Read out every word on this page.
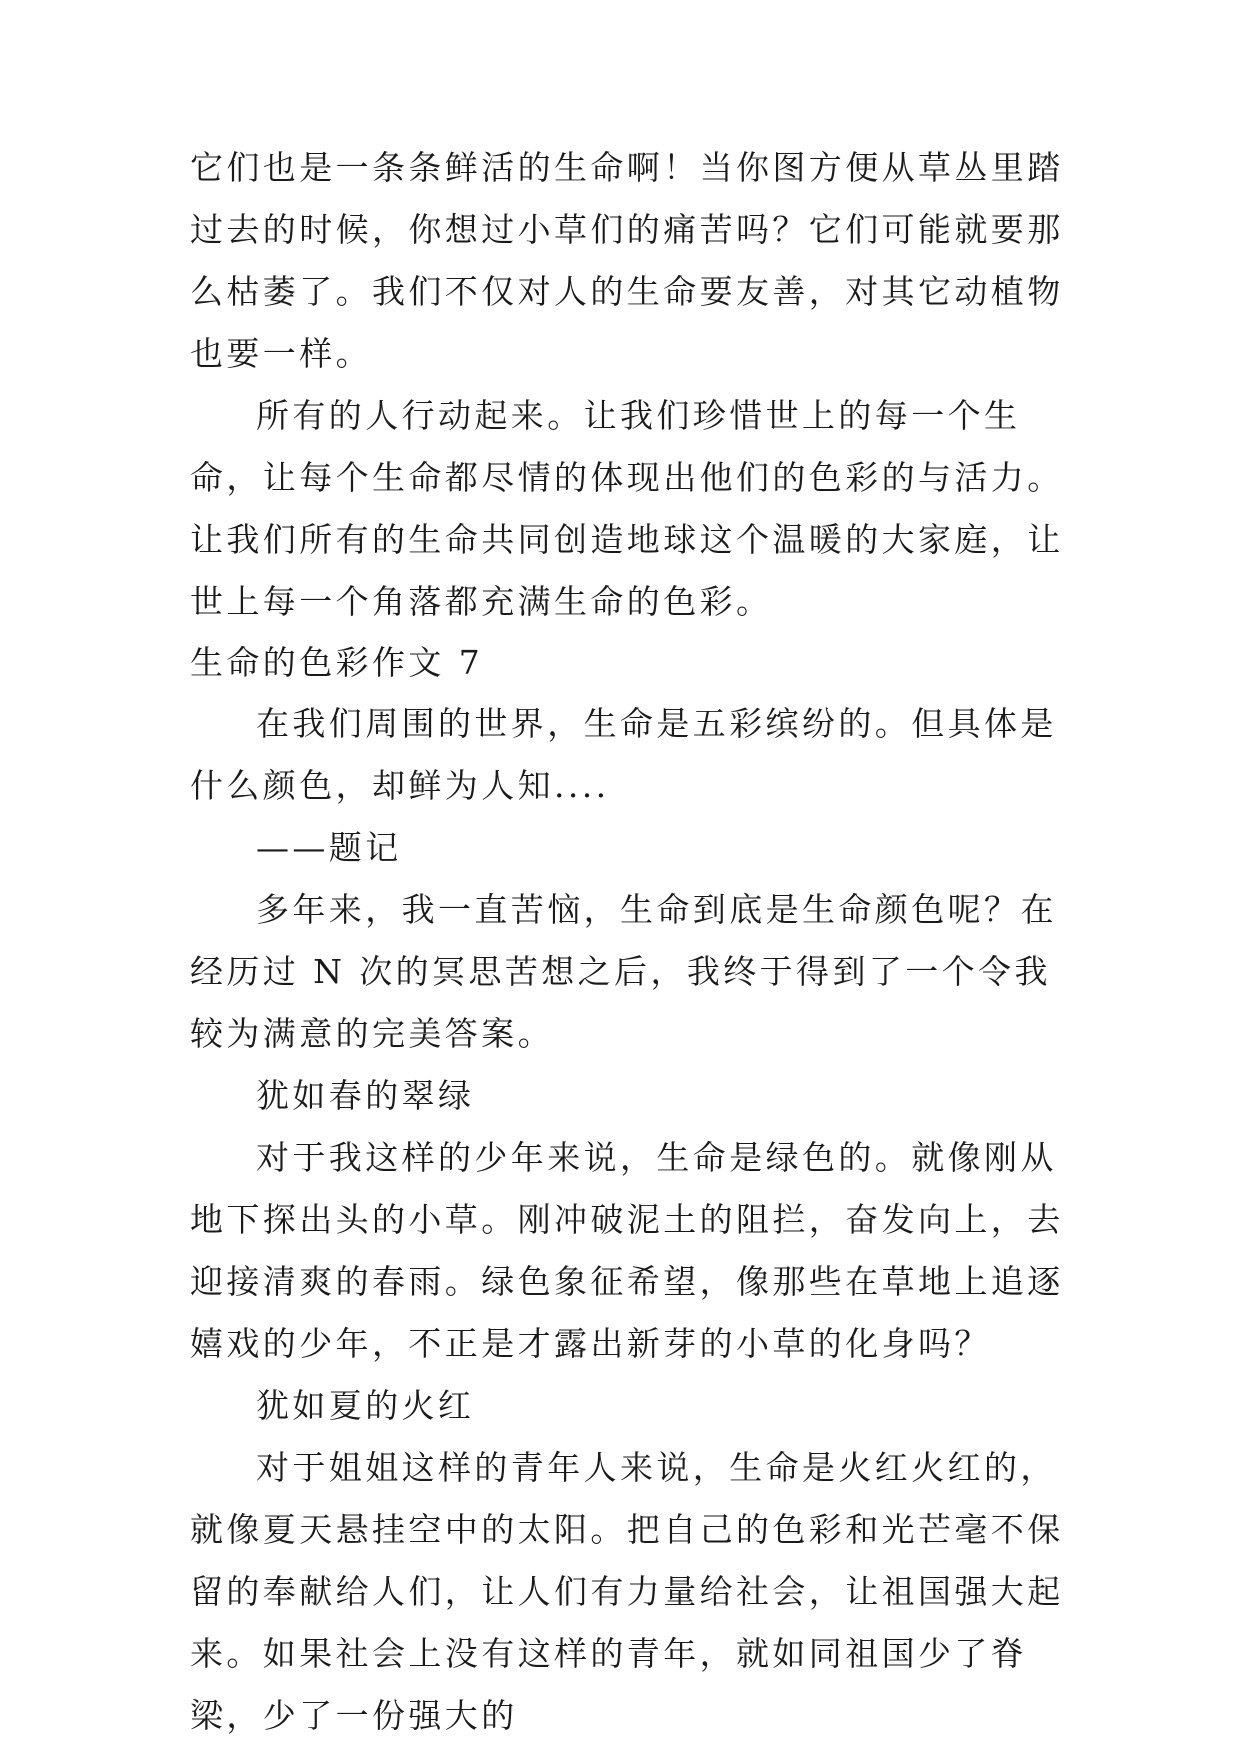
它们也是一条条鲜活的生命啊！当你图方便从草丛里踏过去的时候，你想过小草们的痛苦吗？它们可能就要那么枯萎了。我们不仅对人的生命要友善，对其它动植物也要一样。

所有的人行动起来。让我们珍惜世上的每一个生命，让每个生命都尽情的体现出他们的色彩的与活力。让我们所有的生命共同创造地球这个温暖的大家庭，让世上每一个角落都充满生命的色彩。

生命的色彩作文 7

在我们周围的世界，生命是五彩缤纷的。但具体是什么颜色，却鲜为人知....

——题记

多年来，我一直苦恼，生命到底是生命颜色呢？在经历过 N 次的冥思苦想之后，我终于得到了一个令我较为满意的完美答案。

犹如春的翠绿

对于我这样的少年来说，生命是绿色的。就像刚从地下探出头的小草。刚冲破泥土的阻拦，奋发向上，去迎接清爽的春雨。绿色象征希望，像那些在草地上追逐嬉戏的少年，不正是才露出新芽的小草的化身吗？

犹如夏的火红

对于姐姐这样的青年人来说，生命是火红火红的，就像夏天悬挂空中的太阳。把自己的色彩和光芒毫不保留的奉献给人们，让人们有力量给社会，让祖国强大起来。如果社会上没有这样的青年，就如同祖国少了脊梁，少了一份强大的
